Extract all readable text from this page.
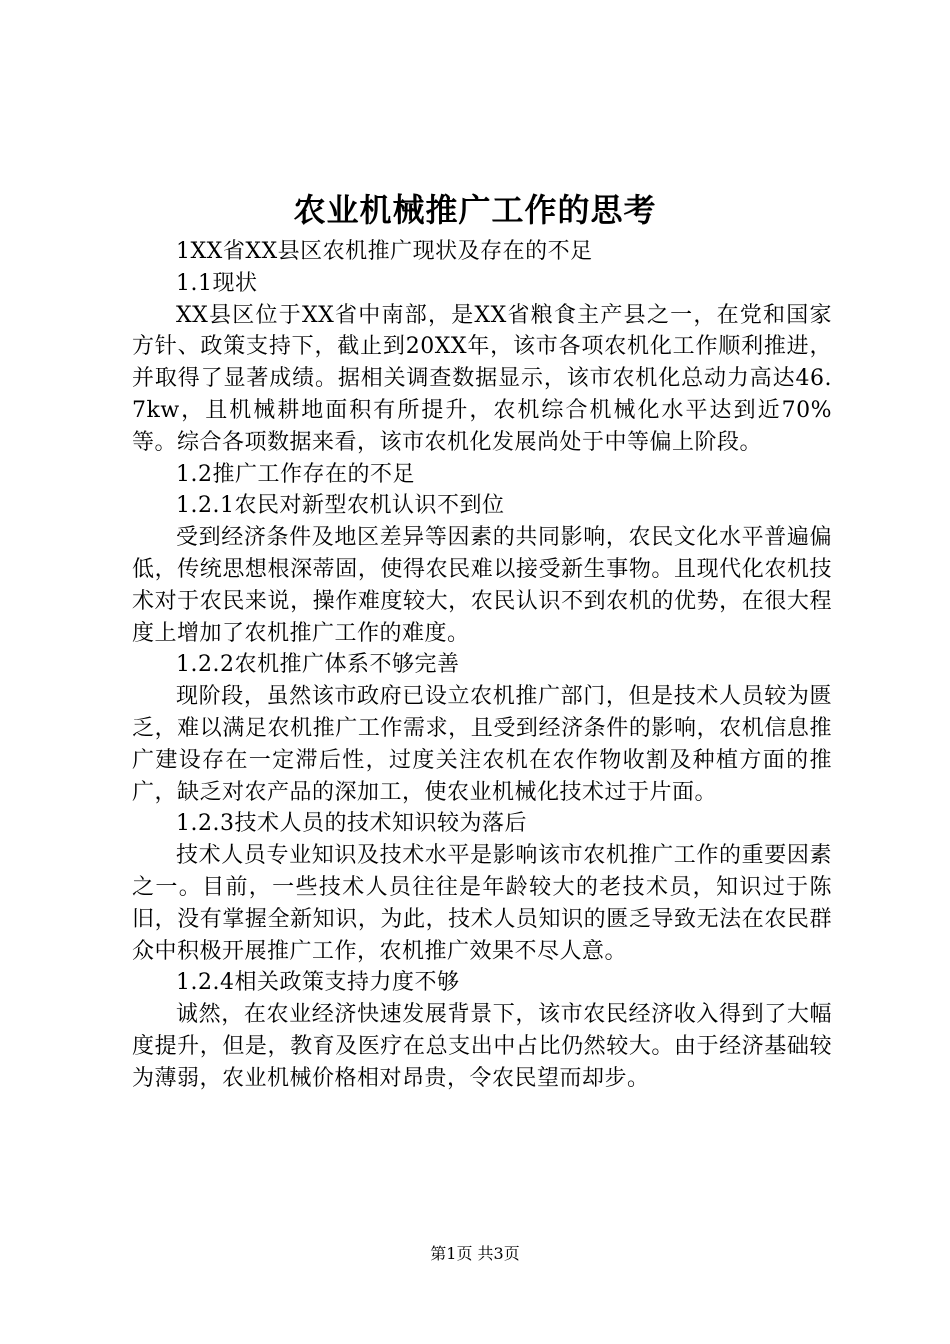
农业机械推广工作的思考

1XX省XX县区农机推广现状及存在的不足

1.1现状

XX县区位于XX省中南部，是XX省粮食主产县之一，在党和国家方针、政策支持下，截止到20XX年，该市各项农机化工作顺利推进，并取得了显著成绩。据相关调查数据显示，该市农机化总动力高达46.7kw，且机械耕地面积有所提升，农机综合机械化水平达到近70%等。综合各项数据来看，该市农机化发展尚处于中等偏上阶段。

1.2推广工作存在的不足

1.2.1农民对新型农机认识不到位

受到经济条件及地区差异等因素的共同影响，农民文化水平普遍偏低，传统思想根深蒂固，使得农民难以接受新生事物。且现代化农机技术对于农民来说，操作难度较大，农民认识不到农机的优势，在很大程度上增加了农机推广工作的难度。

1.2.2农机推广体系不够完善

现阶段，虽然该市政府已设立农机推广部门，但是技术人员较为匮乏，难以满足农机推广工作需求，且受到经济条件的影响，农机信息推广建设存在一定滞后性，过度关注农机在农作物收割及种植方面的推广，缺乏对农产品的深加工，使农业机械化技术过于片面。

1.2.3技术人员的技术知识较为落后

技术人员专业知识及技术水平是影响该市农机推广工作的重要因素之一。目前，一些技术人员往往是年龄较大的老技术员，知识过于陈旧，没有掌握全新知识，为此，技术人员知识的匮乏导致无法在农民群众中积极开展推广工作，农机推广效果不尽人意。

1.2.4相关政策支持力度不够

诚然，在农业经济快速发展背景下，该市农民经济收入得到了大幅度提升，但是，教育及医疗在总支出中占比仍然较大。由于经济基础较为薄弱，农业机械价格相对昂贵，令农民望而却步。

第1页 共3页
